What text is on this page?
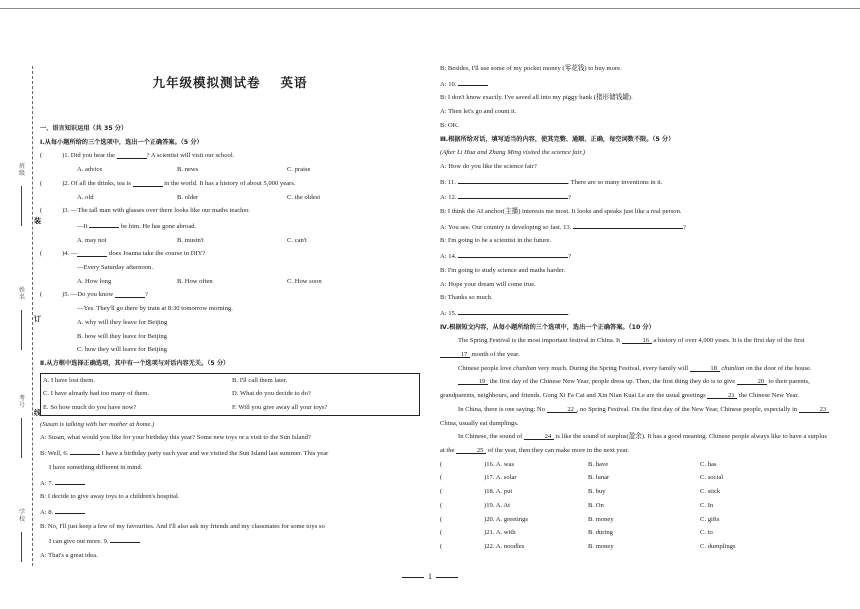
班级
装
姓名
订
考号
线
学校
九年级模拟测试卷 英语
一、语言知识运用（共 35 分）
Ⅰ.从每小题所给的三个选项中，选出一个正确答案。（5 分）
(	)1. Did you hear the
	? A scientist will visit our school.
A. advice	B. news	C. praise
(	)2. Of all the drinks, tea is

	in the world. It has a history of about 5,000 years.
A. old	B. older	C. the oldest
(	)3. —The tall man with glasses over there looks like our maths teacher.
—It	be him. He has gone abroad.
A. may not	B. mustn't	C. can't
(	)4. —
	does Joanna take the course in DIY?
—Every Saturday afternoon.
A. How long	B. How often	C. How soon
(	)5. —Do you know
	?
—Yes. They'll go there by train at 8:30 tomorrow morning.
A. why will they leave for Beijing
B. how will they leave for Beijing
C. how they will leave for Beijing
Ⅱ.从方框中选择正确选项，其中有一个选项与对话内容无关。（5 分）
A. I have lost them.	B. I'll call them later.
C. I have already had too many of them.	D. What do you decide to do?
E. So how much do you have now?	F. Will you give away all your toys?
(Susan is talking with her mother at home.)
A: Susan, what would you like for your birthday this year? Some new toys or a visit to the Sun Island?
B: Well, 6.	I have a birthday party each year and we visited the Sun Island last summer. This year
I have something different in mind.
A: 7.
B: I decide to give away toys to a children's hospital.
A: 8.
B: No, I'll just keep a few of my favourites. And I'll also ask my friends and my classmates for some toys so
I can give out more. 9.
A: That's a great idea.
B: Besides, I'll use some of my pocket money (零花钱) to buy more.
A: 10.
B: I don't know exactly. I've saved all into my piggy bank (猪形储钱罐).
A: Then let's go and count it.
B: OK.
Ⅲ.根据所给对话，填写适当的内容，使其完整、通顺、正确，每空词数不限。（5 分）
(After Li Hua and Zhang Ming visited the science fair.)
A: How do you like the science fair?
B: 11.	. There are so many inventions in it.
A: 12.	?
B: I think the AI anchor(主播) interests me most. It looks and speaks just like a real person.
A: You see. Our country is developing so fast. 13.	?
B: I'm going to be a scientist in the future.
A: 14.	?
B: I'm going to study science and maths harder.
A: Hope your dream will come true.
B: Thanks so much.
A: 15.	.
Ⅳ.根据短文内容，从每小题所给的三个选项中，选出一个正确答案。（10 分）
The Spring Festival is the most important festival in China. It	16 a history of over 4,000 years. It is the first day of the first 17 month of the year.
Chinese people love chunlian very much. During the Spring Festival, every family will	18 chunlian on the door of the house.
19 the first day of the Chinese New Year, people dress up. Then, the first thing they do is to give	20 to their parents, grandparents, neighbours, and friends. Gong Xi Fa Cai and Xin Nian Kuai Le are the usual greetings	21 the Chinese New Year.
In China, there is one saying: No	22 , no Spring Festival. On the first day of the New Year, Chinese people, especially in	23 China, usually eat dumplings.
In Chinese, the sound of	24 is like the sound of surplus(盈余). It has a good meaning. Chinese people always like to have a surplus at the	25 of the year, then they can make more in the next year.
(	)16. A. was	B. have	C. has
(	)17. A. solar	B. lunar	C. social
(	)18. A. put	B. buy	C. stick
(	)19. A. At	B. On	C. In
(	)20. A. greetings	B. money	C. gifts
(	)21. A. with	B. during	C. to
(	)22. A. noodles	B. money	C. dumplings
1
